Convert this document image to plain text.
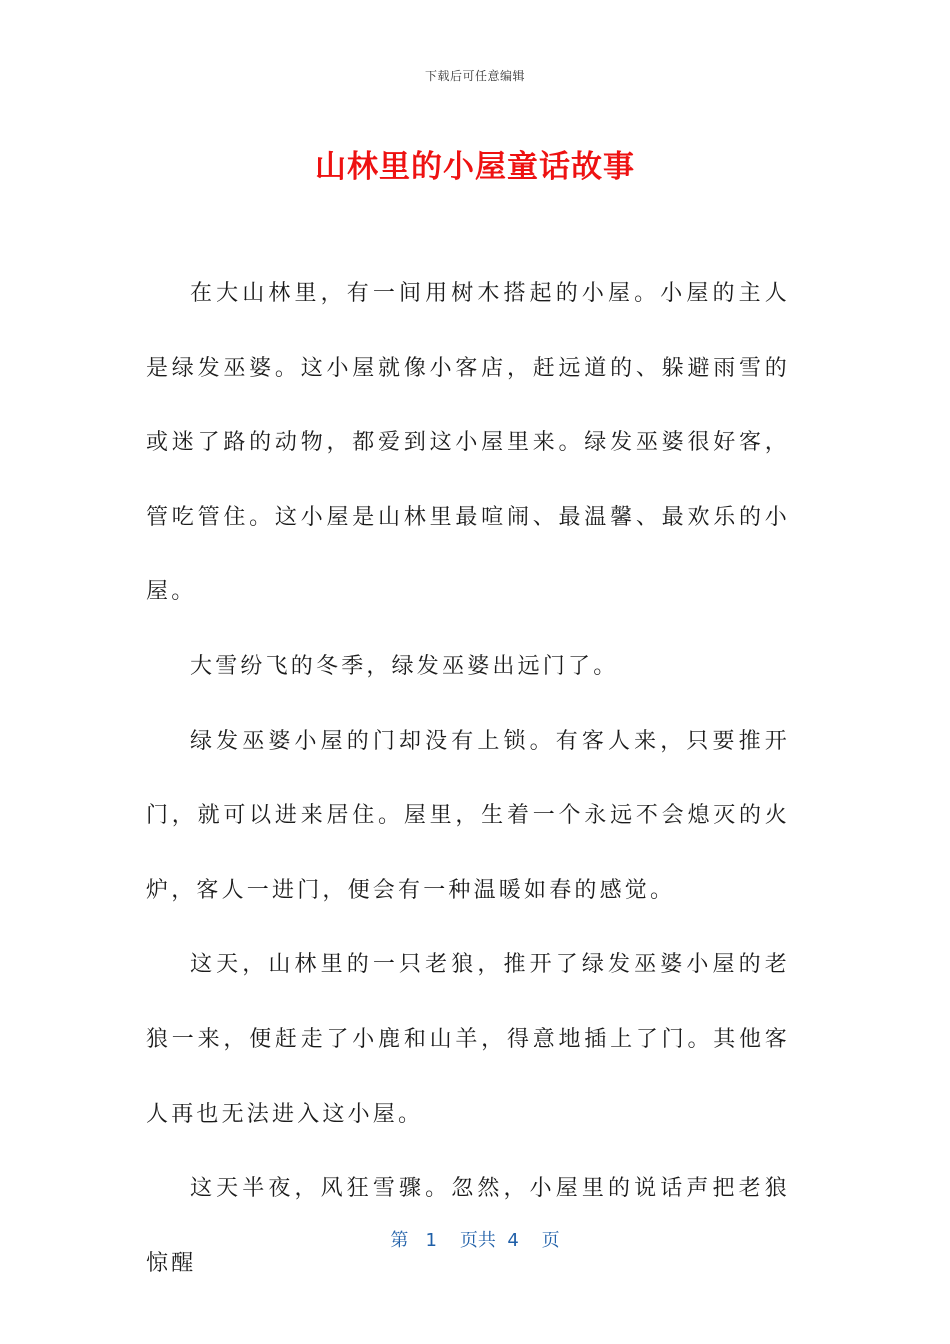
下载后可任意编辑
山林里的小屋童话故事

在大山林里，有一间用树木搭起的小屋。小屋的主人是绿发巫婆。这小屋就像小客店，赶远道的、躲避雨雪的或迷了路的动物，都爱到这小屋里来。绿发巫婆很好客，管吃管住。这小屋是山林里最喧闹、最温馨、最欢乐的小屋。

大雪纷飞的冬季，绿发巫婆出远门了。

绿发巫婆小屋的门却没有上锁。有客人来，只要推开门，就可以进来居住。屋里，生着一个永远不会熄灭的火炉，客人一进门，便会有一种温暖如春的感觉。

这天，山林里的一只老狼，推开了绿发巫婆小屋的老狼一来，便赶走了小鹿和山羊，得意地插上了门。其他客人再也无法进入这小屋。

这天半夜，风狂雪骤。忽然，小屋里的说话声把老狼惊醒

第 1 页共 4 页
